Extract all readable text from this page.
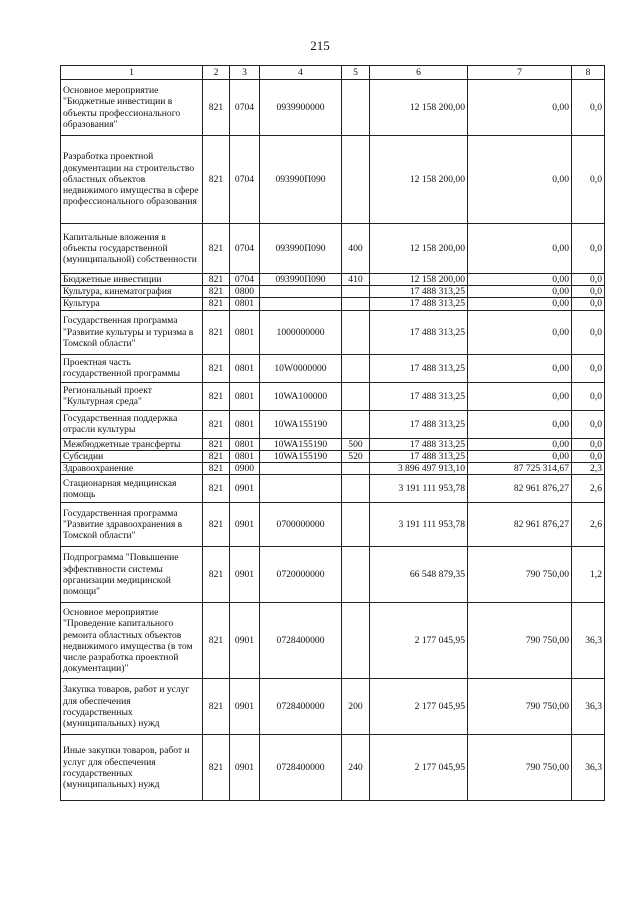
215
1	2	3	4	5	6	7	8
Основное мероприятие "Бюджетные инвестиции в объекты профессионального образования"	821	0704	0939900000		12 158 200,00	0,00	0,0
Разработка проектной документации на строительство областных объектов недвижимого имущества в сфере профессионального образования	821	0704	093990П090		12 158 200,00	0,00	0,0
Капитальные вложения в объекты государственной (муниципальной) собственности	821	0704	093990П090	400	12 158 200,00	0,00	0,0
Бюджетные инвестиции	821	0704	093990П090	410	12 158 200,00	0,00	0,0
Культура, кинематография	821	0800			17 488 313,25	0,00	0,0
Культура	821	0801			17 488 313,25	0,00	0,0
Государственная программа "Развитие культуры и туризма в Томской области"	821	0801	1000000000		17 488 313,25	0,00	0,0
Проектная часть государственной программы	821	0801	10W0000000		17 488 313,25	0,00	0,0
Региональный проект "Культурная среда"	821	0801	10WA100000		17 488 313,25	0,00	0,0
Государственная поддержка отрасли культуры	821	0801	10WA155190		17 488 313,25	0,00	0,0
Межбюджетные трансферты	821	0801	10WA155190	500	17 488 313,25	0,00	0,0
Субсидии	821	0801	10WA155190	520	17 488 313,25	0,00	0,0
Здравоохранение	821	0900			3 896 497 913,10	87 725 314,67	2,3
Стационарная медицинская помощь	821	0901			3 191 111 953,78	82 961 876,27	2,6
Государственная программа "Развитие здравоохранения в Томской области"	821	0901	0700000000		3 191 111 953,78	82 961 876,27	2,6
Подпрограмма "Повышение эффективности системы организации медицинской помощи"	821	0901	0720000000		66 548 879,35	790 750,00	1,2
Основное мероприятие "Проведение капитального ремонта областных объектов недвижимого имущества (в том числе разработка проектной документации)"	821	0901	0728400000		2 177 045,95	790 750,00	36,3
Закупка товаров, работ и услуг для обеспечения государственных (муниципальных) нужд	821	0901	0728400000	200	2 177 045,95	790 750,00	36,3
Иные закупки товаров, работ и услуг для обеспечения государственных (муниципальных) нужд	821	0901	0728400000	240	2 177 045,95	790 750,00	36,3
